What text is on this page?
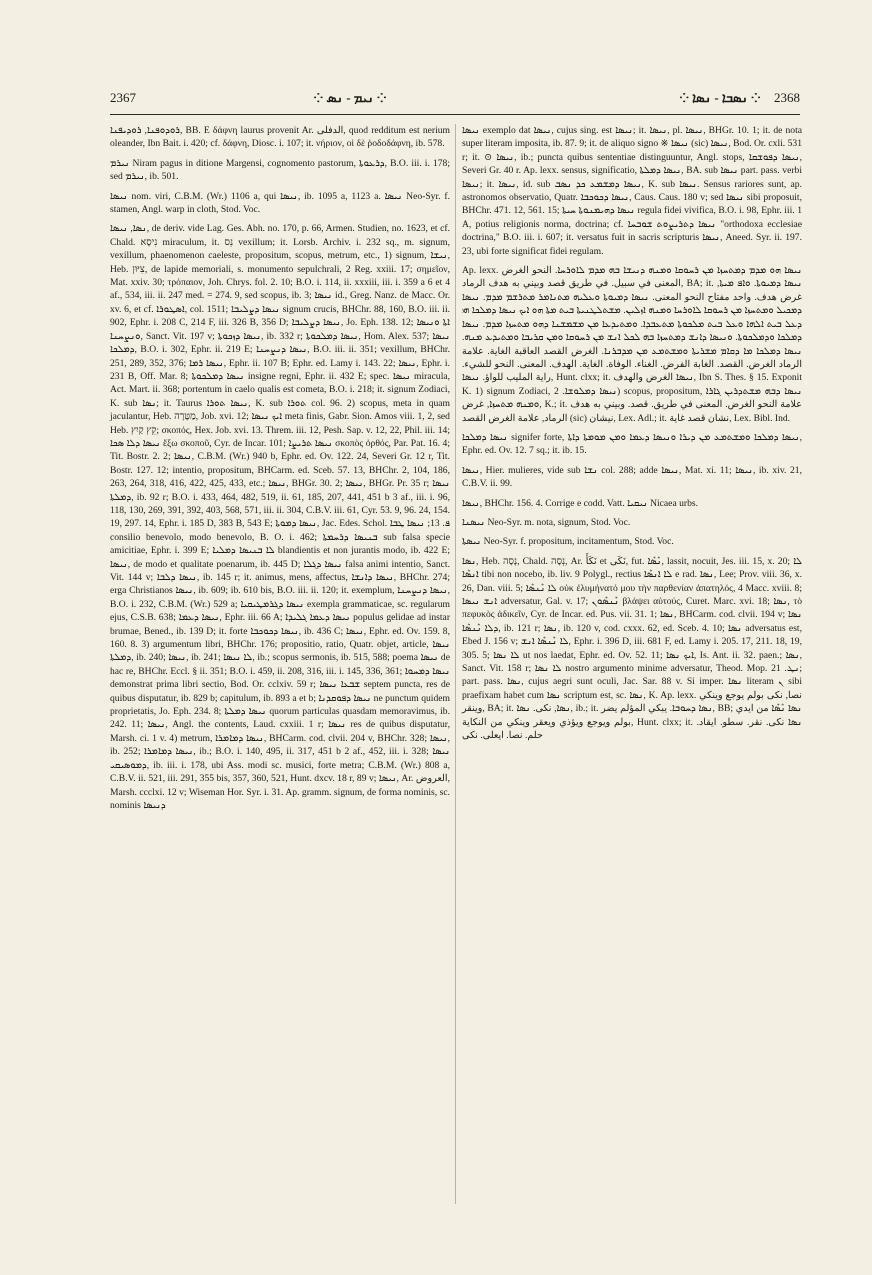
2367	⁘ ܢܝܡ - ܢܣ ⁘	⁘ ܢܣܒܐ - ܢܣܐ ⁘	2368

ܪܘܕܘܦܢܐ, ܪܘܕܝܦܢܐ, BB. E δάφνη laurus provenit Ar. الدفلى, quod redditum est nerium oleander, Ibn Bait. i. 420; cf. δάφνη, Diosc. i. 107; it. νήριον, οἱ δὲ ῥοδοδάφνη, ib. 578.

ܢܝܪܡ Niram pagus in ditione Margensi, cognomento pastorum, ܕܪܥܘܬܐ, B.O. iii. i. 178; sed ܢܝܪܡ, ib. 501.

ܢܝܣܐ nom. viri, C.B.M. (Wr.) 1106 a, qui ܢܝܣܐ, ib. 1095 a, 1123 a. ܢܝܣܐ Neo-Syr. f. stamen, Angl. warp in cloth, Stod. Voc.

ܢܣܐ, ܢܝܣܐ, de deriv. vide Lag. Ges. Abh. no. 170, p. 66, Armen. Studien, no. 1623, et cf. Chald. נִיסָא miraculum, it. נֵס vexillum; it. Lorsb. Archiv. i. 232 sq., m. signum, vexillum, phaenomenon caeleste, propositum, scopus, metrum, etc., 1) signum, ܢܝܫܐ, Heb. צִיּוּן, de lapide memoriali, s. monumento sepulchrali, 2 Reg. xxiii. 17; σημεῖον, Mat. xxiv. 30; τρόπαιον, Joh. Chrys. fol. 2. 10; B.O. i. 114, ii. xxxiii, iii. i. 359 a 6 et 4 af., 534, iii. ii. 247 med. = 274. 9, sed scopus, ib. 3; ܢܝܣܐ id., Greg. Nanz. de Macc. Or. xv. 6, et cf. ܐܣܛܘܪܐ, col. 1511; ܢܝܣܐ ܕܨܠܝܒܐ signum crucis, BHChr. 88, 160, B.O. iii. ii. 902, Ephr. i. 208 C, 214 F, iii. 326 B, 356 D; ܢܝܣܐ ܕܨܠܝܒܐ, Jo. Eph. 138. 12; ܐܬܐ ܘܢܝܣܐ ܘܢܨܚܢܐ, Sanct. Vit. 197 v; ܢܝܣܐ ܕܙܟܘܬܐ, ib. 332 r; ܢܝܣܐ ܕܡܠܟܘܬܐ, Hom. Alex. 537; ܢܝܣܐ ܕܡܠܟܐ, B.O. i. 302, Ephr. ii. 219 E; ܢܝܣܐ ܕܢܨܚܢܐ, B.O. iii. ii. 351; vexillum, BHChr. 251, 289, 352, 376; ܢܝܣܐ ܪܡܐ, Ephr. ii. 107 B; Ephr. ed. Lamy i. 143. 22; ܢܝܣܐ, Ephr. i. 231 B, Off. Mar. 8; ܢܝܣܐ ܕܡܠܟܘܬܐ insigne regni, Ephr. ii. 432 E; spec. ܢܝܣܐ miracula, Act. Mart. ii. 368; portentum in caelo qualis est cometa, B.O. i. 218; it. signum Zodiaci, K. sub ܢܣܐ; it. Taurus ܢܝܣܐ ܬܘܪܐ, K. sub ܬܘܪܐ col. 96. 2) scopus, meta in quam jaculantur, Heb. מַטָּרָה, Job. xvi. 12; ܐܝܟ ܢܝܣܐ meta finis, Gabr. Sion. Amos viii. 1, 2, sed Heb. קֵץ קַיִץ; σκοπός, Hex. Job. xvi. 13. Threm. iii. 12, Pesh. Sap. v. 12, 22, Phil. iii. 14; ܢܝܣܐ ܕܠܐ ܣܟܐ ἔξω σκοποῦ, Cyr. de Incar. 101; ܢܝܣܐ ܬܪܝܨܐ σκοπὸς ὀρθός, Par. Pat. 16. 4; Tit. Bostr. 2. 2; ܢܝܣܐ, C.B.M. (Wr.) 940 b, Ephr. ed. Ov. 122. 24, Severi Gr. 12 r, Tit. Bostr. 127. 12; intentio, propositum, BHCarm. ed. Sceb. 57. 13, BHChr. 2, 104, 186, 263, 264, 318, 416, 422, 425, 433, etc.; ܢܝܣܐ, BHGr. 30. 2; ܢܝܣܐ, BHGr. Pr. 35 r; ܢܝܣܐ ܕܡܠܬܐ, ib. 92 r; B.O. i. 433, 464, 482, 519, ii. 61, 185, 207, 441, 451 b 3 af., iii. i. 96, 118, 130, 269, 391, 392, 403, 568, 571, iii. ii. 304, C.B.V. iii. 61, Cyr. 53. 9, 96. 24, 154. 19, 297. 14, Ephr. i. 185 D, 383 B, 543 E; ܢܝܣܐ ܕܡܘܬܐ, Jac. Edes. Schol. ܦ. 13; ܢܝܣܐ ܛܒܐ consilio benevolo, modo benevolo, B. O. i. 462; ܒܢܝܣܐ ܕܪܚܡܬܐ sub falsa specie amicitiae, Ephr. i. 399 E; ܠܐ ܒܢܝܣܐ ܕܡܠܝܐ blandientis et non jurantis modo, ib. 422 E; ܢܝܣܐ, de modo et qualitate poenarum, ib. 445 D; ܢܝܣܐ ܕܓܠܐ falsa animi intentio, Sanct. Vit. 144 v; ܢܝܣܐ ܕܠܒܐ, ib. 145 r; it. animus, mens, affectus, ܢܝܣܐ ܕܐܢܫܐ, BHChr. 274; erga Christianos ܢܝܣܐ, ib. 609; ib. 610 bis, B.O. iii. ii. 120; it. exemplum, ܢܝܣܐ ܕܢܨܚܢܐ, B.O. i. 232, C.B.M. (Wr.) 529 a; ܢܝܣܐ ܕܓܪܡܛܝܩܝܐ exempla grammaticae, sc. regularum ejus, C.S.B. 638; ܢܝܣܐ ܕܥܡܐ, Ephr. iii. 66 A; ܢܝܣܐ ܕܥܡܐ ܓܠܝܕܐ populus gelidae ad instar brumae, Bened., ib. 139 D; it. forte ܢܝܣܐ ܕܟܘܟܒܐ, ib. 436 C; ܢܝܣܐ, Ephr. ed. Ov. 159. 8, 160. 8. 3) argumentum libri, BHChr. 176; propositio, ratio, Quatr. objet, article, ܢܝܣܐ ܕܡܠܬܐ, ib. 240; ܢܝܣܐ, ib. 241; ܠܐ ܢܝܣܐ, ib.; scopus sermonis, ib. 515, 588; poema ܢܝܣܐ de hac re, BHChr. Eccl. § ii. 351; B.O. i. 459, ii. 208, 316, iii. i. 145, 336, 361; ܢܝܣܐ ܕܡܚܘܐ demonstrat prima libri sectio, Bod. Or. cclxiv. 59 r; ܫܒܥܐ ܢܝܣܐ septem puncta, res de quibus disputatur, ib. 829 b; capitulum, ib. 893 a et b; ܢܝܣܐ ܕܦܘܩܕܢܐ ne punctum quidem proprietatis, Jo. Eph. 234. 8; ܢܝܣܐ ܕܡܠܬܐ quorum particulas quasdam memoravimus, ib. 242. 11; ܢܝܣܐ, Angl. the contents, Laud. cxxiii. 1 r; ܢܝܣܐ res de quibus disputatur, Marsh. ci. 1 v. 4) metrum, ܢܝܣܐ ܕܡܐܡܪܐ, BHCarm. cod. clvii. 204 v, BHChr. 328; ܢܝܣܐ, ib. 252; ܢܝܣܐ ܕܡܐܡܪܐ, ib.; B.O. i. 140, 495, ii. 317, 451 b 2 af., 452, iii. i. 328; ܢܝܣܐ ܕܡܘܣܝܩܝ, ib. iii. i. 178, ubi Ass. modi sc. musici, forte metra; C.B.M. (Wr.) 808 a, C.B.V. ii. 521, iii. 291, 355 bis, 357, 360, 521, Hunt. dxcv. 18 r, 89 v; ܢܝܣܐ, Ar. العروض, Marsh. ccclxi. 12 v; Wiseman Hor. Syr. i. 31. Ap. gramm. signum, de forma nominis, sc. nominis ܕܢܝܣܐ

ܢܝܣܐ exemplo dat ܢܝܣܐ, cujus sing. est ܢܝܣܐ; it. ܢܝܣܐ, pl. ܢܝܣܐ, BHGr. 10. 1; it. de nota super literam imposita, ib. 87. 9; it. de aliquo signo ※ ܢܝܣܐ (sic) ܢܝܣܐ, Bod. Or. cxli. 531 r; it. ⊙ ܢܝܣܐ, ib.; puncta quibus sententiae distinguuntur, Angl. stops, ܢܝܣܐ ܕܦܘܫܩܐ, Severi Gr. 40 r. Ap. lexx. sensus, significatio, ܢܝܣܐ ܕܡܠܬܐ, BA. sub ܢܝܣܐ part. pass. verbi ܢܝܣܐ; it. ܢܝܣܐ, id. sub ܢܝܣܐ ܕܡܫܡܥ ܟܕ ܢܣܒ, K. sub ܢܝܣܐ. Sensus rariores sunt, ap. astronomos observatio, Quatr. ܢܝܣܐ ܕܟܘܟܒܐ, Caus. Caus. 180 v; sed ܢܝܣܐ sibi proposuit, BHChr. 471. 12, 561. 15; ܢܝܣܐ ܕܗܝܡܢܘܬܐ ܚܝܬܐ regula fidei vivifica, B.O. i. 98, Ephr. iii. 1 A, potius religionis norma, doctrina; cf. ܢܝܣܐ ܕܬܪܝܨܘܬ ܫܘܒܚܐ "orthodoxa ecclesiae doctrina," B.O. iii. i. 607; it. versatus fuit in sacris scripturis ܢܝܣܐ, Aneed. Syr. ii. 197. 23, ubi forte significat fidei regulam.

Ap. lexx. ܢܝܣܐ ܗܘ ܡܕܡ ܕܡܬܚܙܐ ܡܢ ܪܚܘܩܐ ܘܡܢܗ ܕܢܝܫܐ ܒܗ ܡܕܡ ܠܐܘܪܚܐ. النحو الغرض المعنى في سبيل. في طريق قصد وبيني به هدف الرماد, BA; it. ܢܝܣܐ ܕܡܝܘܬܐ. ܘܐܦ ܡܝܬܐ, غرض هدف. واحد مفتاح النحو المعنى. ܢܝܣܐ ܕܡܝܘܬܐ ܘܥܠܝܗ ܡܬܢܐܡܪ ܡܬܪܫܡ ܡܕܡ. ܢܝܣܐ ܕܡܟܝܠ ܘܡܬܚܙܐ ܡܢ ܪܚܘܩܐ ܠܐܘܪܚܐ ܘܡܢܗ ܐܙܠܝܢ. ܡܫܬܠܛܢܝܬܐ ܒܝܬ ܡܬܐ ܗܘ ܐܝܟ ܢܝܣܐ ܕܡܠܟܐ ܗܝ ܕܥܠ ܒܝܬ ܐܠܗܐ ܘܥܠ ܒܝܬ ܡܠܟܘܬܐ ܡܬܥܒܕܐ. ܘܡܬܝܕܥܐ ܡܢ ܡܫܡܫܢܐ ܕܗܘ ܡܬܚܙܐ ܡܕܡ. ܢܝܣܐ ܕܡܠܟܐ ܘܕܡܠܟܘܬܐ. ܘܢܝܣܐ ܕܐܢܫ ܕܡܬܚܙܐ ܒܗ ܠܟܠ ܐܢܫ ܡܢ ܪܚܘܩܐ ܘܡܢ ܩܪܝܒܐ ܘܡܬܝܕܥ ܡܢܗ. ܢܝܣܐ ܕܡܠܟܐ ܡܐ ܕܩܐܡ ܡܫܪܝܬܐ ܘܡܫܬܡܥ ܡܢ ܡܕܒܪܢܐ. الغرض القصد العاقبة الغاية. علامة الرماد الغرض. القصد. الغابة الفرض. الغناء. الوفاة. الغاية. الهدف. المعنى. النحو للشيء. راية المليب للواؤ. ܢܝܣܐ, Hunt. clxx; it. ܢܝܣܐ الغرض والهدف, Ibn S. Thes. § 15. Exponit K. 1) signum Zodiaci, ܢܝܣܐ ܕܡܠܘܫܐ. 2) scopus, propositum, ܢܝܣܐ ܕܒܗ ܡܫܬܕܪܝܢ ܓܐܪܐ ܘܡܢܗ ܡܬܚܙܐ, غرض, K.; it. علامة النحو الغرض. المعنى في طريق. قصد. وبيني به هدف الرماد, علامة الغرض القصد (sic) نيشان, Lex. Adl.; it. نشان قصد غاية, Lex. Bibl. Ind.

ܢܝܣܐ ܕܡܠܟܐ signifer forte, ܢܝܣܐ ܕܡܠܟܐ ܘܡܫܬܡܥ ܡܢ ܕܝܪܐ ܘܢܝܣܐ ܕܥܡܐ ܘܡܢ ܡܘܡܬܐ ܕܐܬܐ, Ephr. ed. Ov. 12. 7 sq.; it. ib. 15.

ܢܝܣܐ, Hier. mulieres, vide sub ܢܫܐ col. 288; adde ܢܝܣܐ, Mat. xi. 11; ܢܝܣܐ, ib. xiv. 21, C.B.V. ii. 99.

ܢܝܣܐ, BHChr. 156. 4. Corrige e codd. Vatt. ܢܝܩܝܐ Nicaea urbs.

ܢܝܣܢܐ Neo-Syr. m. nota, signum, Stod. Voc.

ܢܝܣܬܐ Neo-Syr. f. propositum, incitamentum, Stod. Voc.

ܢܣܐ, Heb. נָסָה, Chald. נְסָה, Ar. نَكَأَ et نَكَى, fut. ܢܶܣܶܐ, lassit, nocuit, Jes. iii. 15, x. 20; ܠܐ ܐܢܣܶܐ tibi non nocebo, ib. liv. 9 Polygl., rectius ܠܐ ܐܢܣܶܐ e rad. ܢܣܐ, Lee; Prov. viii. 36, x. 26, Dan. viii. 5; ܠܐ ܢܶܢܣܶܐ οὐκ ἐλυμήνατό μου τὴν παρθενίαν ἀπατηλός, 4 Macc. xviii. 8; ܐܢܫ ܢܝܣܐ adversatur, Gal. v. 17; ܢܶܢܣܶܘܢ βλάψει αὐτούς, Curet. Marc. xvi. 18; ܢܣܐ, τὸ πεφυκὸς ἀδικεῖν, Cyr. de Incar. ed. Pus. vii. 31. 1; ܢܣܐ, BHCarm. cod. clvii. 194 v; ܢܣܐ ܕܠܐ ܢܶܢܣܶܐ, ib. 121 r; ܢܣܐ, ib. 120 v, cod. cxxx. 62, ed. Sceb. 4. 10; ܢܣܐ adversatus est, Ebed J. 156 v; ܠܐ ܢܶܢܣܶܐ ܐܢܫ, Ephr. i. 396 D, iii. 681 F, ed. Lamy i. 205. 17, 211. 18, 19, 305. 5; ܠܐ ܢܣܐ ut nos laedat, Ephr. ed. Ov. 52. 11; ܐܝܟ ܢܣܐ, Is. Ant. ii. 32. paen.; ܢܣܐ, Sanct. Vit. 158 r; ܠܐ ܢܣܐ nostro argumento minime adversatur, Theod. Mop. ܢܛ. 21; part. pass. ܢܣܐ, cujus aegri sunt oculi, Jac. Sar. 88 v. Si imper. ܢܣܐ literam ܢ sibi praefixam habet cum ܢܣܐ scriptum est, sc. ܢܣܐ, K. Ap. lexx. نصا, نكى بولم يوجع وينكي وينقر, BA; it. ܢܣܐ, نكى. ܢܣܐ, ib.; it. ܢܣܐ ܕܚܘܒܐ. يبكي المؤلم يضر, BB; ܢܣܐ ܢܶܣܶܐ من ايدي بولم ويوجع ويؤذي ويعقر وينكي من النكاية, Hunt. clxx; it. ܢܣܐ نكى. نقر. سطو. ايقاد. حلم. نصا. ايعلى. نكى
